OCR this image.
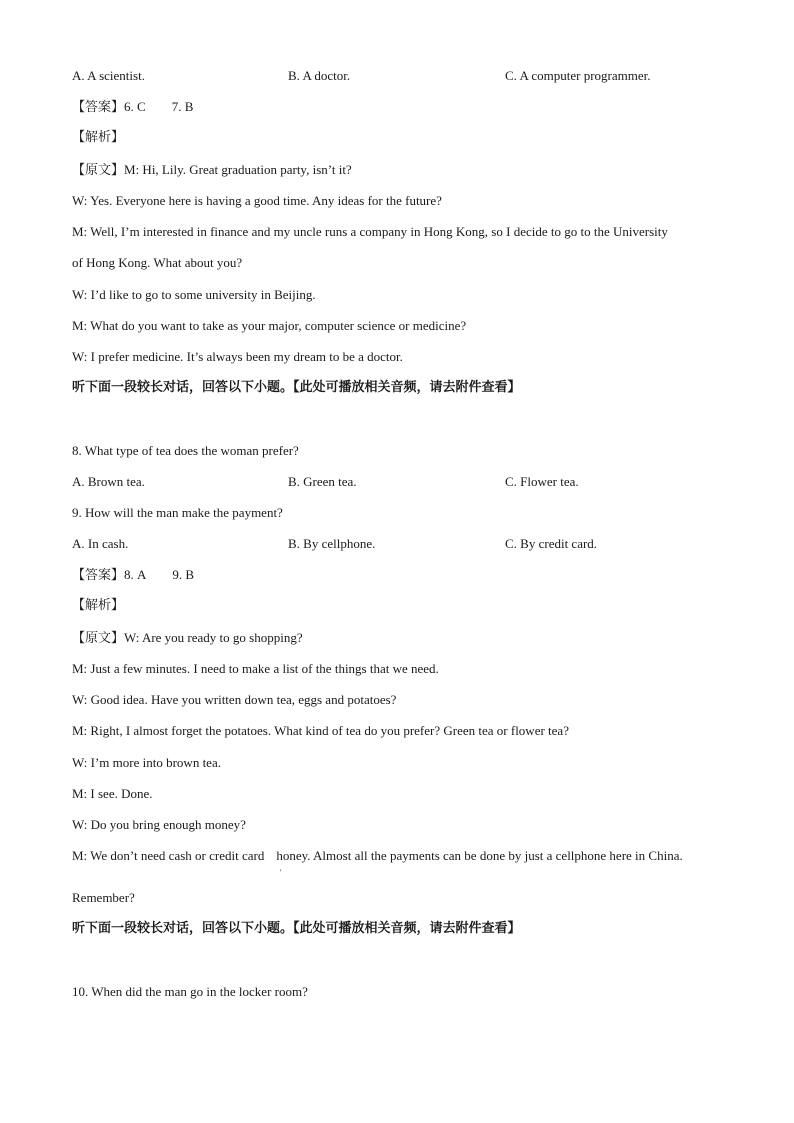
A. A scientist.	B. A doctor.	C. A computer programmer.
【答案】6. C 7. B
【解析】
【原文】M: Hi, Lily. Great graduation party, isn’t it?
W: Yes. Everyone here is having a good time. Any ideas for the future?
M: Well, I’m interested in finance and my uncle runs a company in Hong Kong, so I decide to go to the University
of Hong Kong. What about you?
W: I’d like to go to some university in Beijing.
M: What do you want to take as your major, computer science or medicine?
W: I prefer medicine. It’s always been my dream to be a doctor.
听下面一段较长对话，回答以下小题。【此处可播放相关音频，请去附件查看】
8. What type of tea does the woman prefer?
A. Brown tea.	B. Green tea.	C. Flower tea.
9. How will the man make the payment?
A. In cash.	B. By cellphone.	C. By credit card.
【答案】8. A 9. B
【解析】
【原文】W: Are you ready to go shopping?
M: Just a few minutes. I need to make a list of the things that we need.
W: Good idea. Have you written down tea, eggs and potatoes?
M: Right, I almost forget the potatoes. What kind of tea do you prefer? Green tea or flower tea?
W: I’m more into brown tea.
M: I see. Done.
W: Do you bring enough money?
M: We don’t need cash or credit card honey. Almost all the payments can be done by just a cellphone here in China.
'
Remember?
听下面一段较长对话，回答以下小题。【此处可播放相关音频，请去附件查看】
10. When did the man go in the locker room?
